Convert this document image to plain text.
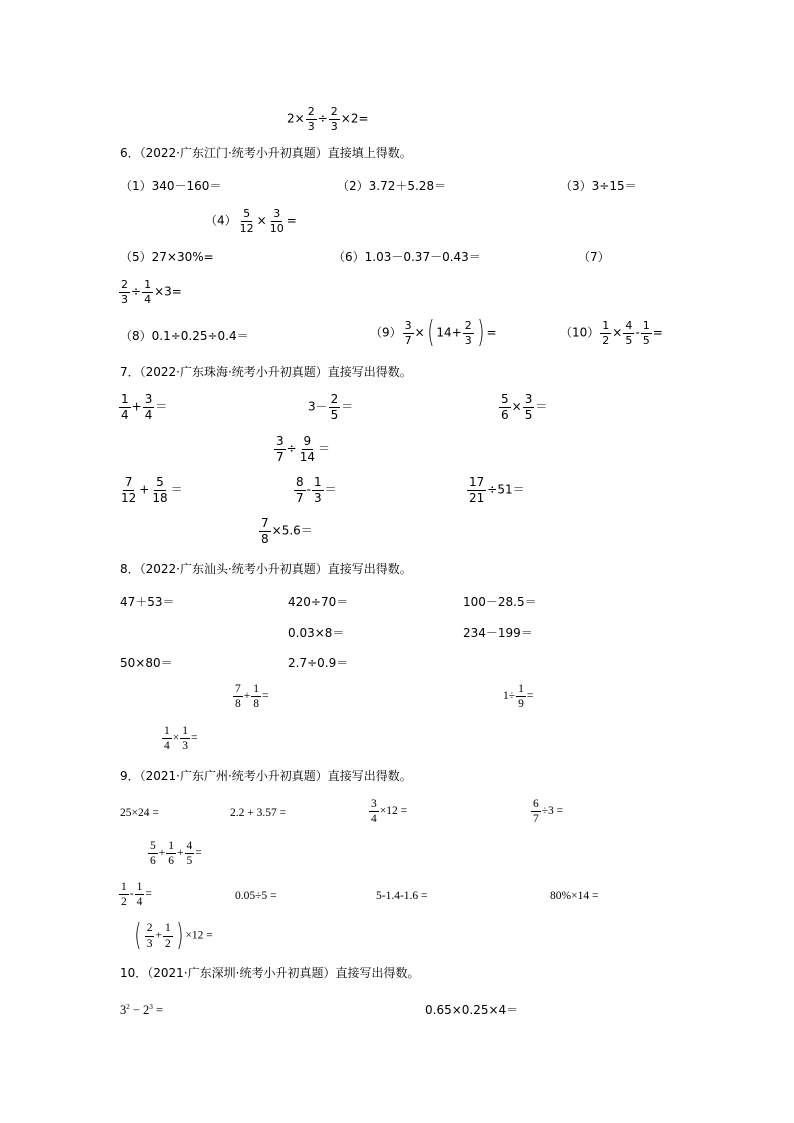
$2\times \frac{2}{3} \div \frac{2}{3} \times 2=$
6．（2022·广东江门·统考小升初真题）直接填上得数。
（1）340－160＝	（2）3.72＋5.28＝	（3）3÷15＝
$(4) \frac{5}{12} \times \frac{3}{10}$ =
（5）27×30%=	（6）1.03－0.37－0.43＝	（7）
$\frac{2}{3} \div \frac{1}{4} \times 3=$
（8）0.1÷0.25÷0.4＝	$(9) \frac{3}{7}$ ×( $14+ \frac{2}{3}$ ) =	$(10) \frac{1}{2} \times \frac{4}{5} - \frac{1}{5}$ =
7．（2022·广东珠海·统考小升初真题）直接写出得数。
$\frac{1}{4} + \frac{3}{4}$ ＝	$3- \frac{2}{5}$ ＝	$\frac{5}{6} \times \frac{3}{5}$ ＝
$\frac{3}{7} \div \frac{9}{14}$ ＝
$\frac{7}{12} + \frac{5}{18}$ ＝	$\frac{8}{7} - \frac{1}{3}$ ＝	$\frac{17}{21} \div 51=$
$\frac{7}{8} \times 5.6=$
8．（2022·广东汕头·统考小升初真题）直接写出得数。
47＋53＝	420÷70＝	100－28.5＝
0.03×8＝	234－199＝
50×80＝	2.7÷0.9＝
$\frac{7}{8} + \frac{1}{8}$ =	$1\div \frac{1}{9}$ =
$\frac{1}{4} \times \frac{1}{3}$ =
9．（2021·广东广州·统考小升初真题）直接写出得数。
25×24 =	2.2 + 3.57 =	$\frac{3}{4} \times 12$ =	$\frac{6}{7} \div 3$ =
$\frac{5}{6} + \frac{1}{6} + \frac{4}{5}$ =
$\frac{1}{2} - \frac{1}{4}$ =	0.05÷5 =	5-1.4-1.6 =	80%×14 =
( $\frac{2}{3} + \frac{1}{2}$ ) ×12 =
10．（2021·广东深圳·统考小升初真题）直接写出得数。
$3^2 - 2^3$ =	0.65×0.25×4＝
